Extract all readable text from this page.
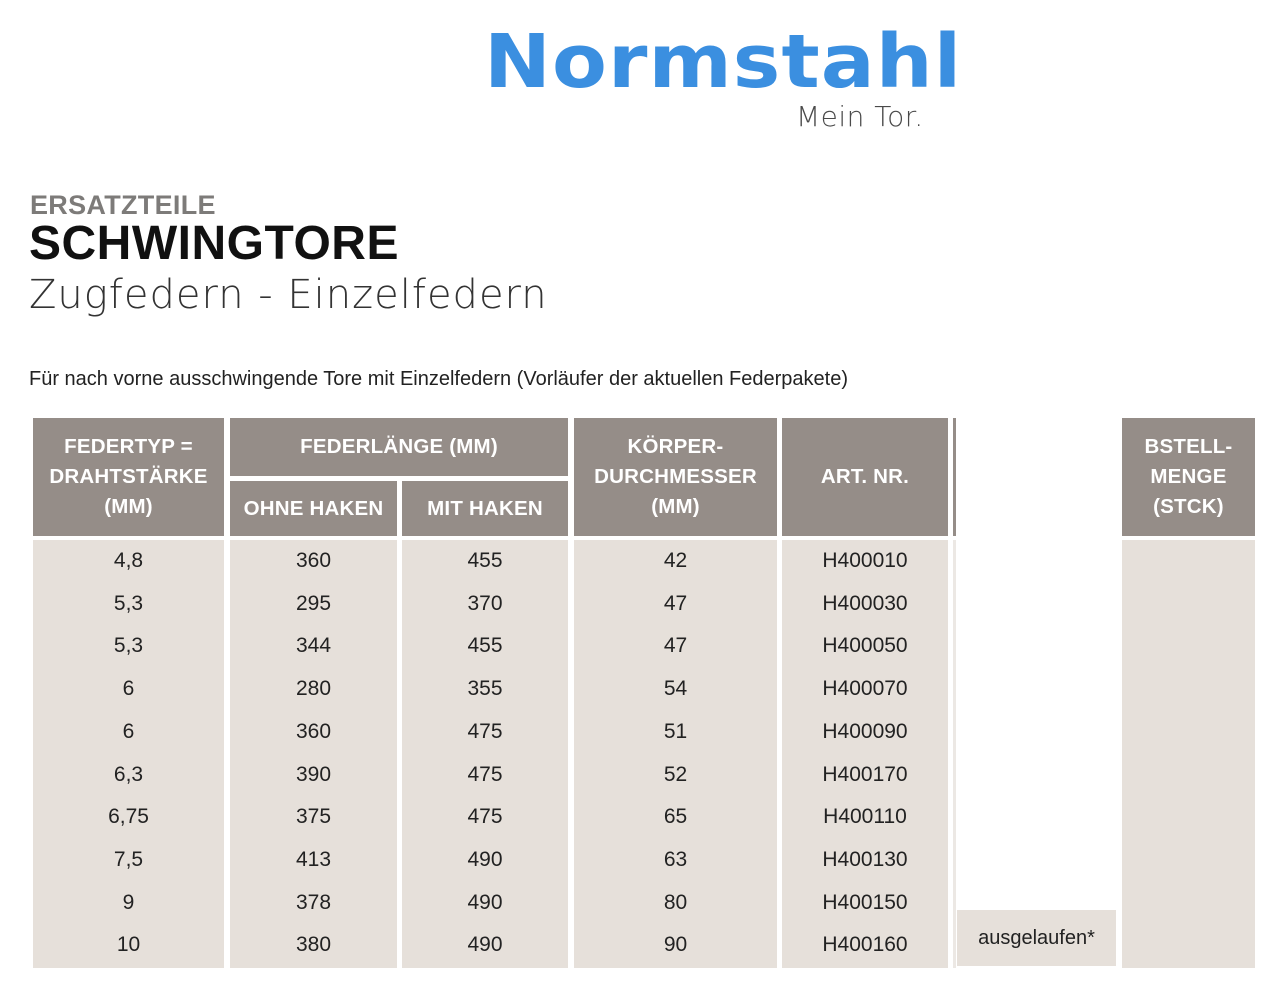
Normstahl
Mein Tor.
ERSATZTEILE
SCHWINGTORE
Zugfedern - Einzelfedern
Für nach vorne ausschwingende Tore mit Einzelfedern (Vorläufer der aktuellen Federpakete)
FEDERTYP =
DRAHTSTÄRKE
(MM)
FEDERLÄNGE (MM)
OHNE HAKEN	MIT HAKEN
KÖRPER-
DURCHMESSER
(MM)
ART. NR.
BSTELL-
MENGE
(STCK)
4,8	360	455	42	H400010
5,3	295	370	47	H400030
5,3	344	455	47	H400050
6	280	355	54	H400070
6	360	475	51	H400090
6,3	390	475	52	H400170
6,75	375	475	65	H400110
7,5	413	490	63	H400130
9	378	490	80	H400150
10	380	490	90	H400160	ausgelaufen*
